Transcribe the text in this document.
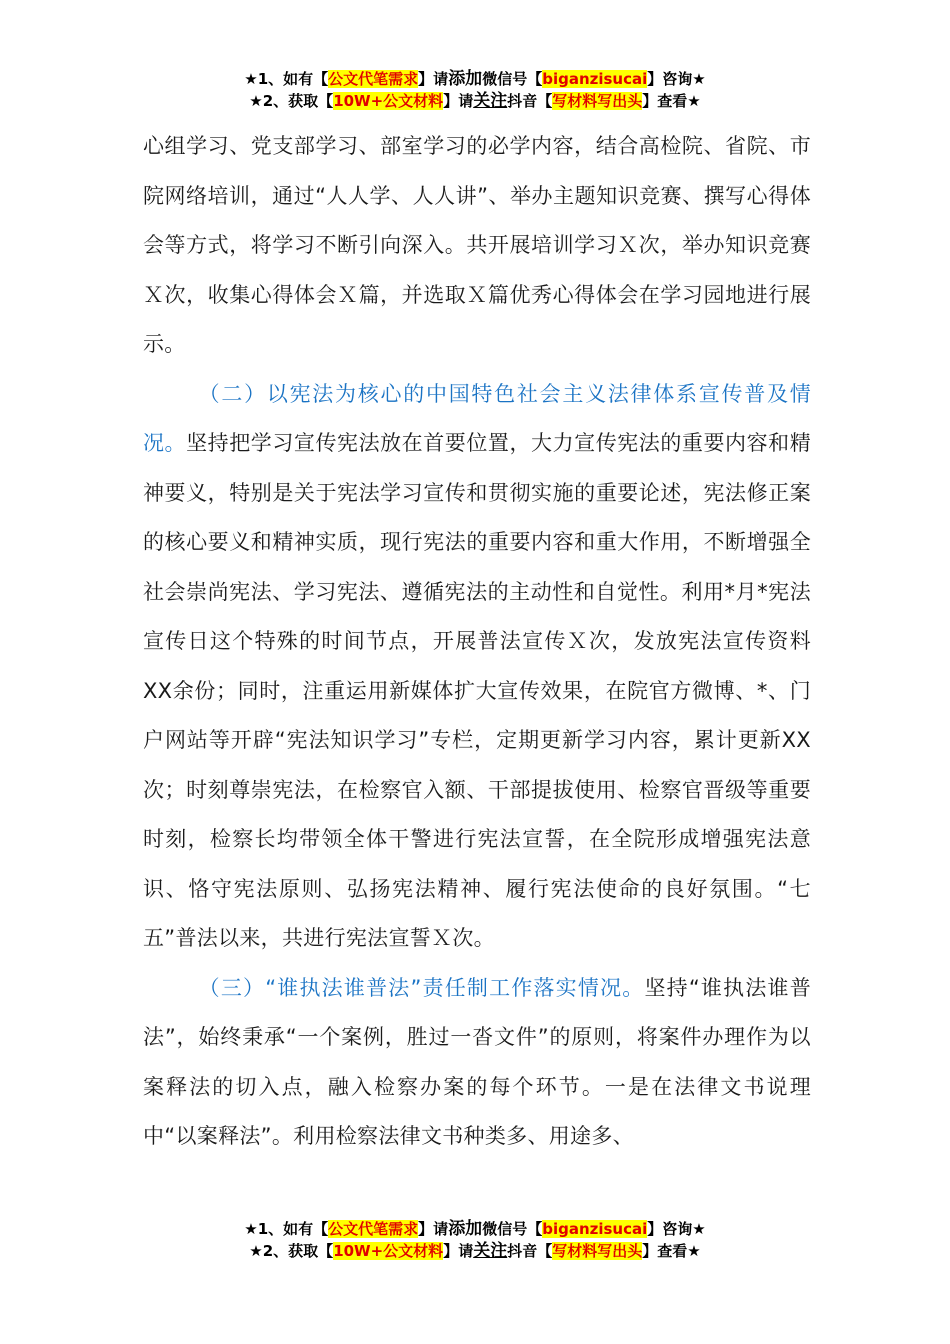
★1、如有【公文代笔需求】请添加微信号【biganzisucai】咨询★
★2、获取【10W+公文材料】请关注抖音【写材料写出头】查看★

心组学习、党支部学习、部室学习的必学内容，结合高检院、省院、市院网络培训，通过“人人学、人人讲”、举办主题知识竞赛、撰写心得体会等方式，将学习不断引向深入。共开展培训学习Ｘ次，举办知识竞赛Ｘ次，收集心得体会Ｘ篇，并选取Ｘ篇优秀心得体会在学习园地进行展示。

（二）以宪法为核心的中国特色社会主义法律体系宣传普及情况。坚持把学习宣传宪法放在首要位置，大力宣传宪法的重要内容和精神要义，特别是关于宪法学习宣传和贯彻实施的重要论述，宪法修正案的核心要义和精神实质，现行宪法的重要内容和重大作用，不断增强全社会崇尚宪法、学习宪法、遵循宪法的主动性和自觉性。利用*月*宪法宣传日这个特殊的时间节点，开展普法宣传Ｘ次，发放宪法宣传资料XX余份；同时，注重运用新媒体扩大宣传效果，在院官方微博、*、门户网站等开辟“宪法知识学习”专栏，定期更新学习内容，累计更新XX次；时刻尊崇宪法，在检察官入额、干部提拔使用、检察官晋级等重要时刻，检察长均带领全体干警进行宪法宣誓，在全院形成增强宪法意识、恪守宪法原则、弘扬宪法精神、履行宪法使命的良好氛围。“七五”普法以来，共进行宪法宣誓Ｘ次。

（三）“谁执法谁普法”责任制工作落实情况。坚持“谁执法谁普法”，始终秉承“一个案例，胜过一沓文件”的原则，将案件办理作为以案释法的切入点，融入检察办案的每个环节。一是在法律文书说理中“以案释法”。利用检察法律文书种类多、用途多、

★1、如有【公文代笔需求】请添加微信号【biganzisucai】咨询★
★2、获取【10W+公文材料】请关注抖音【写材料写出头】查看★
